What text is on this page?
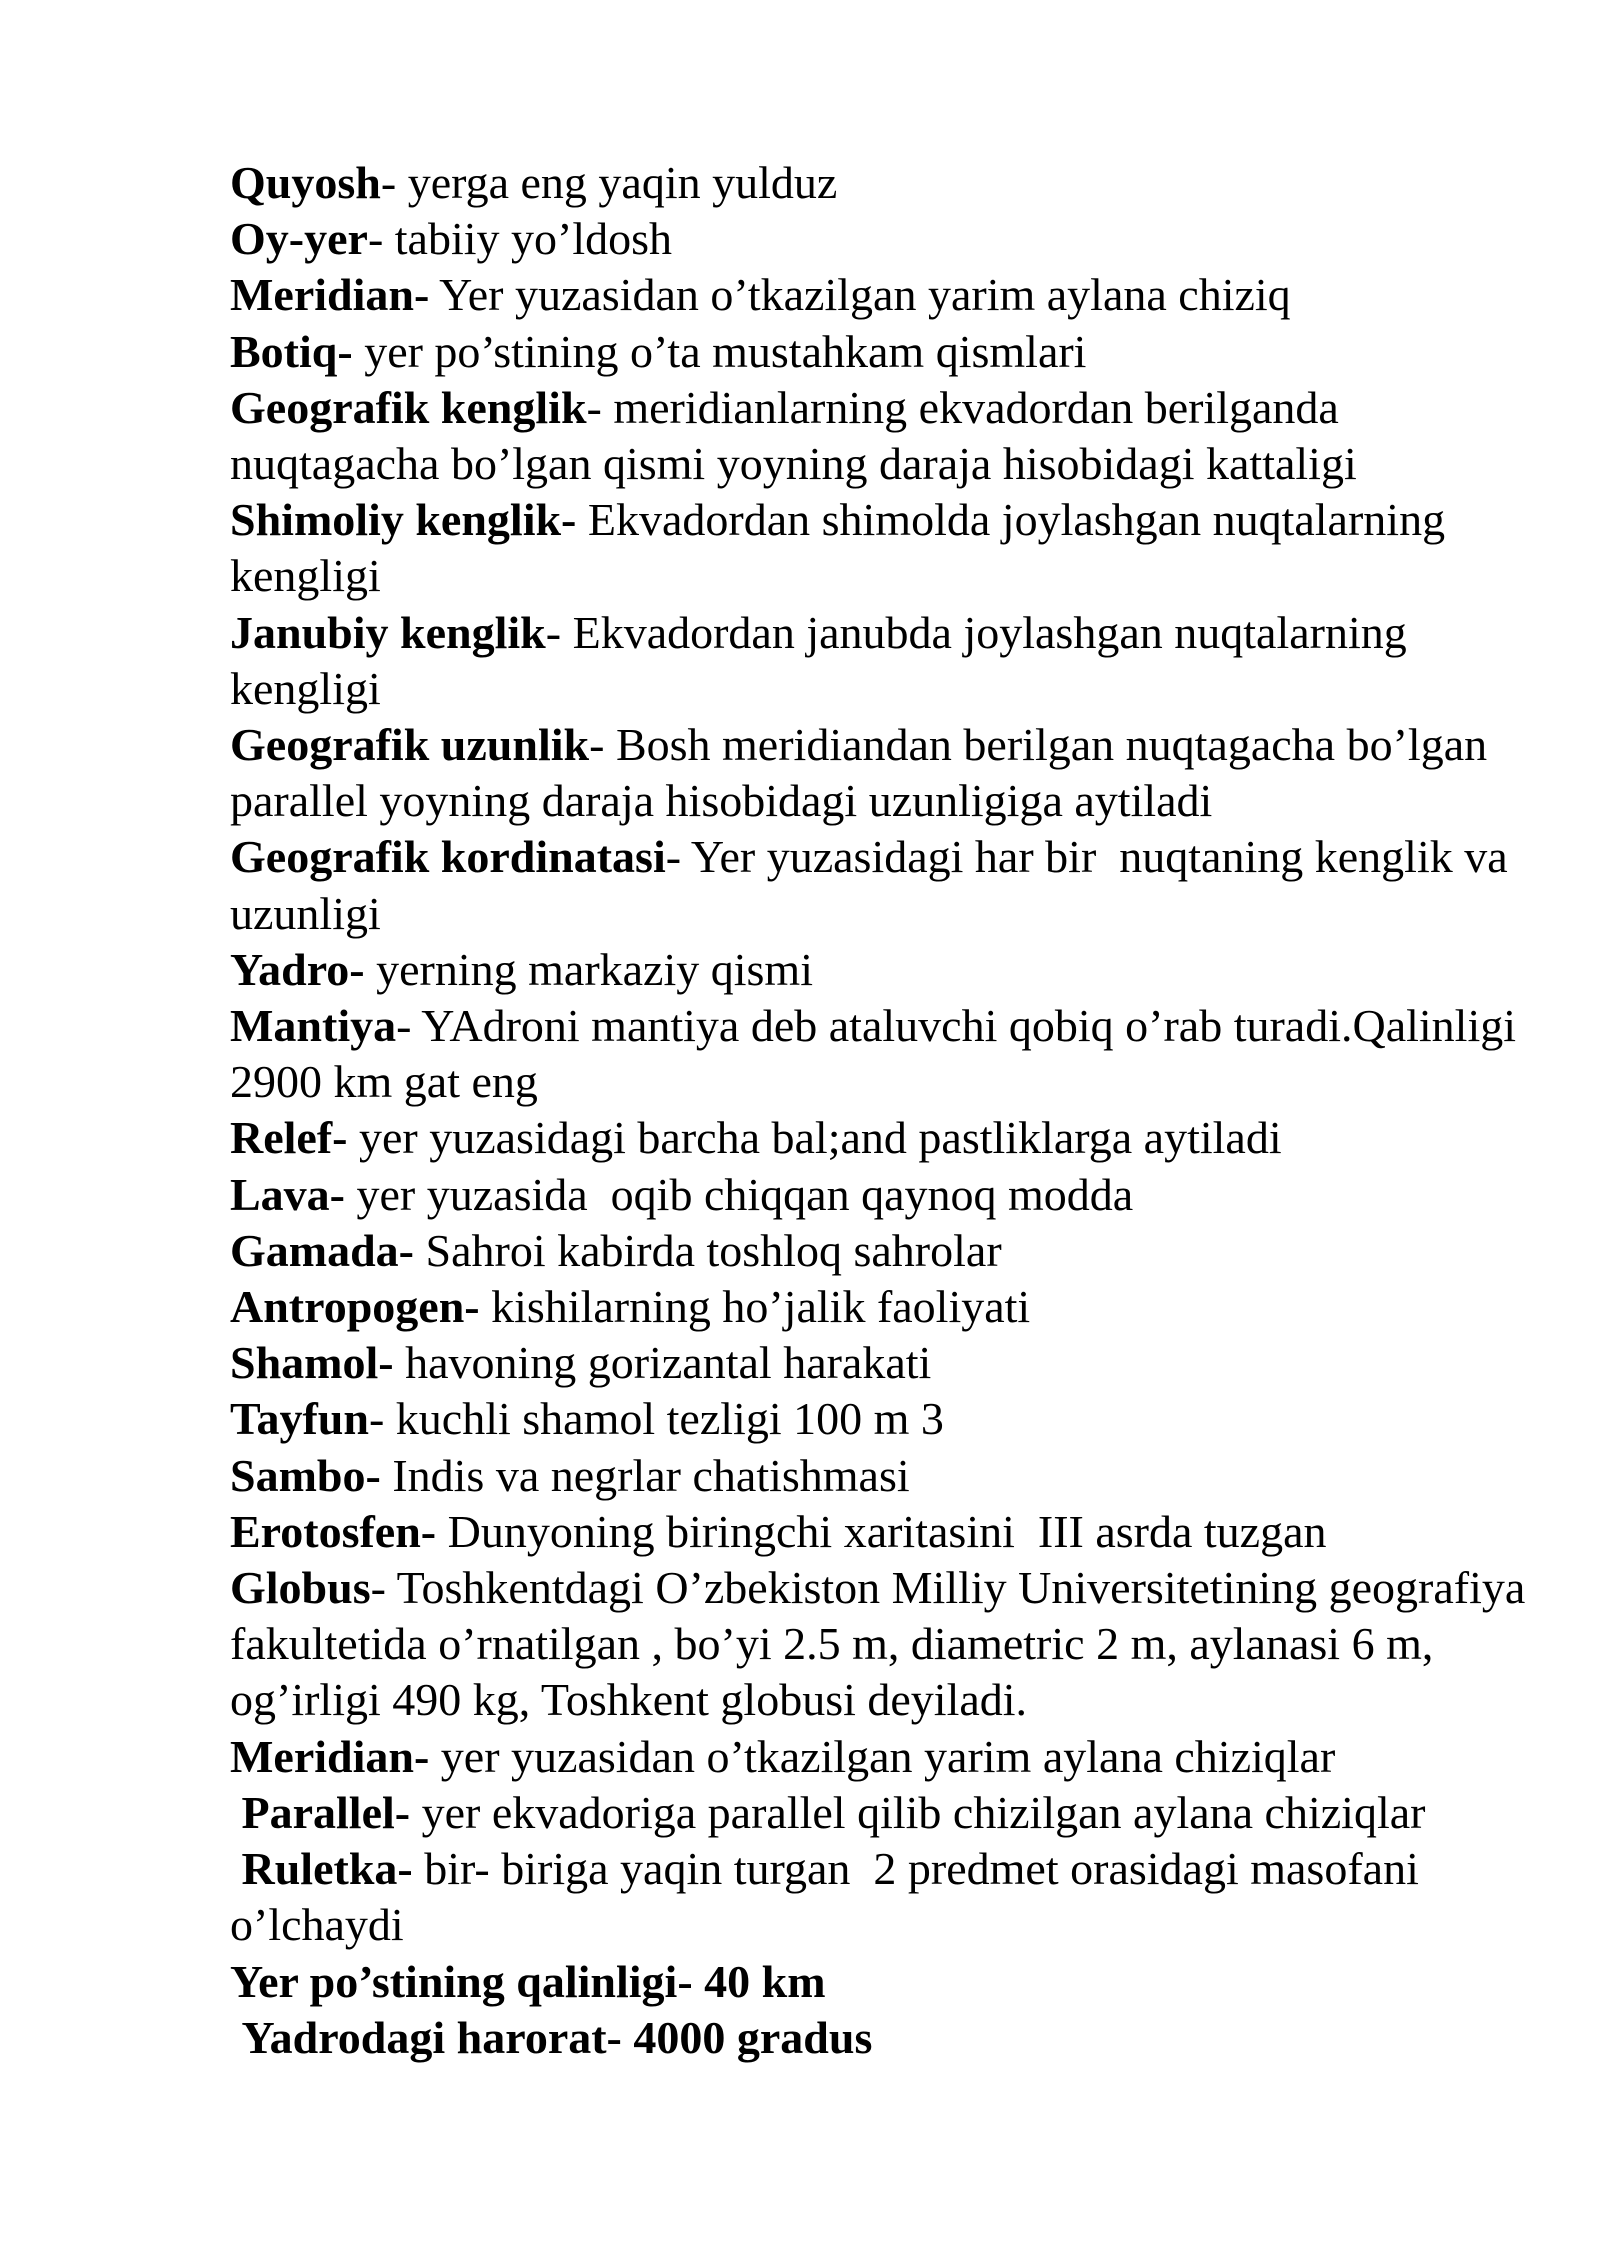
Quyosh- yerga eng yaqin yulduz

Oy-yer- tabiiy yo’ldosh

Meridian- Yer yuzasidan o’tkazilgan yarim aylana chiziq

Botiq- yer po’stining o’ta mustahkam qismlari

Geografik kenglik- meridianlarning ekvadordan berilganda nuqtagacha bo’lgan qismi yoyning daraja hisobidagi kattaligi

Shimoliy kenglik- Ekvadordan shimolda joylashgan nuqtalarning kengligi

Janubiy kenglik- Ekvadordan janubda joylashgan nuqtalarning kengligi

Geografik uzunlik- Bosh meridiandan berilgan nuqtagacha bo’lgan parallel yoyning daraja hisobidagi uzunligiga aytiladi

Geografik kordinatasi- Yer yuzasidagi har bir  nuqtaning kenglik va uzunligi

Yadro- yerning markaziy qismi

Mantiya- YAdroni mantiya deb ataluvchi qobiq o’rab turadi.Qalinligi 2900 km gat eng

Relef- yer yuzasidagi barcha bal;and pastliklarga aytiladi

Lava- yer yuzasida  oqib chiqqan qaynoq modda

Gamada- Sahroi kabirda toshloq sahrolar

Antropogen- kishilarning ho’jalik faoliyati

Shamol- havoning gorizantal harakati

Tayfun- kuchli shamol tezligi 100 m 3

Sambo- Indis va negrlar chatishmasi

Erotosfen- Dunyoning biringchi xaritasini  III asrda tuzgan

Globus- Toshkentdagi O’zbekiston Milliy Universitetining geografiya fakultetida o’rnatilgan , bo’yi 2.5 m, diametric 2 m, aylanasi 6 m, og’irligi 490 kg, Toshkent globusi deyiladi.

Meridian- yer yuzasidan o’tkazilgan yarim aylana chiziqlar

Parallel- yer ekvadoriga parallel qilib chizilgan aylana chiziqlar

Ruletka- bir- biriga yaqin turgan  2 predmet orasidagi masofani o’lchaydi

Yer po’stining qalinligi- 40 km

Yadrodagi harorat- 4000 gradus
